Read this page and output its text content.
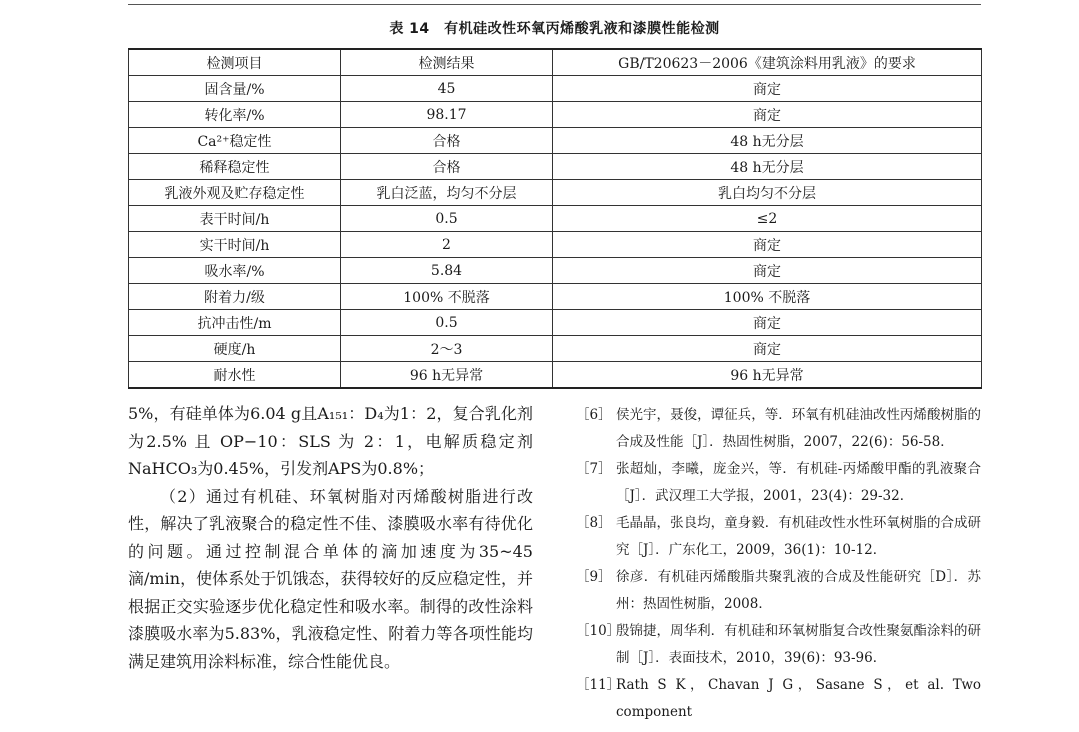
表 14　有机硅改性环氧丙烯酸乳液和漆膜性能检测
检测项目	检测结果	GB/T20623－2006《建筑涂料用乳液》的要求
固含量/%	45	商定
转化率/%	98.17	商定
Ca²⁺稳定性	合格	48 h无分层
稀释稳定性	合格	48 h无分层
乳液外观及贮存稳定性	乳白泛蓝，均匀不分层	乳白均匀不分层
表干时间/h	0.5	≤2
实干时间/h	2	商定
吸水率/%	5.84	商定
附着力/级	100% 不脱落	100% 不脱落
抗冲击性/m	0.5	商定
硬度/h	2～3	商定
耐水性	96 h无异常	96 h无异常

5%，有硅单体为6.04 g且A₁₅₁：D₄为1：2，复合乳化剂为2.5% 且 OP−10：SLS 为 2：1，电解质稳定剂 NaHCO₃为0.45%，引发剂APS为0.8%；

（2）通过有机硅、环氧树脂对丙烯酸树脂进行改性，解决了乳液聚合的稳定性不佳、漆膜吸水率有待优化的问题。通过控制混合单体的滴加速度为35~45滴/min，使体系处于饥饿态，获得较好的反应稳定性，并根据正交实验逐步优化稳定性和吸水率。制得的改性涂料漆膜吸水率为5.83%，乳液稳定性、附着力等各项性能均满足建筑用涂料标准，综合性能优良。

［6］ 侯光宇，聂俊，谭征兵，等．环氧有机硅油改性丙烯酸树脂的合成及性能［J］．热固性树脂，2007，22(6)：56-58．
［7］ 张超灿，李曦，庞金兴，等．有机硅-丙烯酸甲酯的乳液聚合［J］．武汉理工大学报，2001，23(4)：29-32．
［8］ 毛晶晶，张良均，童身毅．有机硅改性水性环氧树脂的合成研究［J］．广东化工，2009，36(1)：10-12．
［9］ 徐彦．有机硅丙烯酸脂共聚乳液的合成及性能研究［D］．苏州：热固性树脂，2008．
［10］
殷锦捷，周华利．有机硅和环氧树脂复合改性聚氨酯涂料的研制［J］．表面技术，2010，39(6)：93-96．
［11］
Rath S K，Chavan J G，Sasane S，et al. Two component
